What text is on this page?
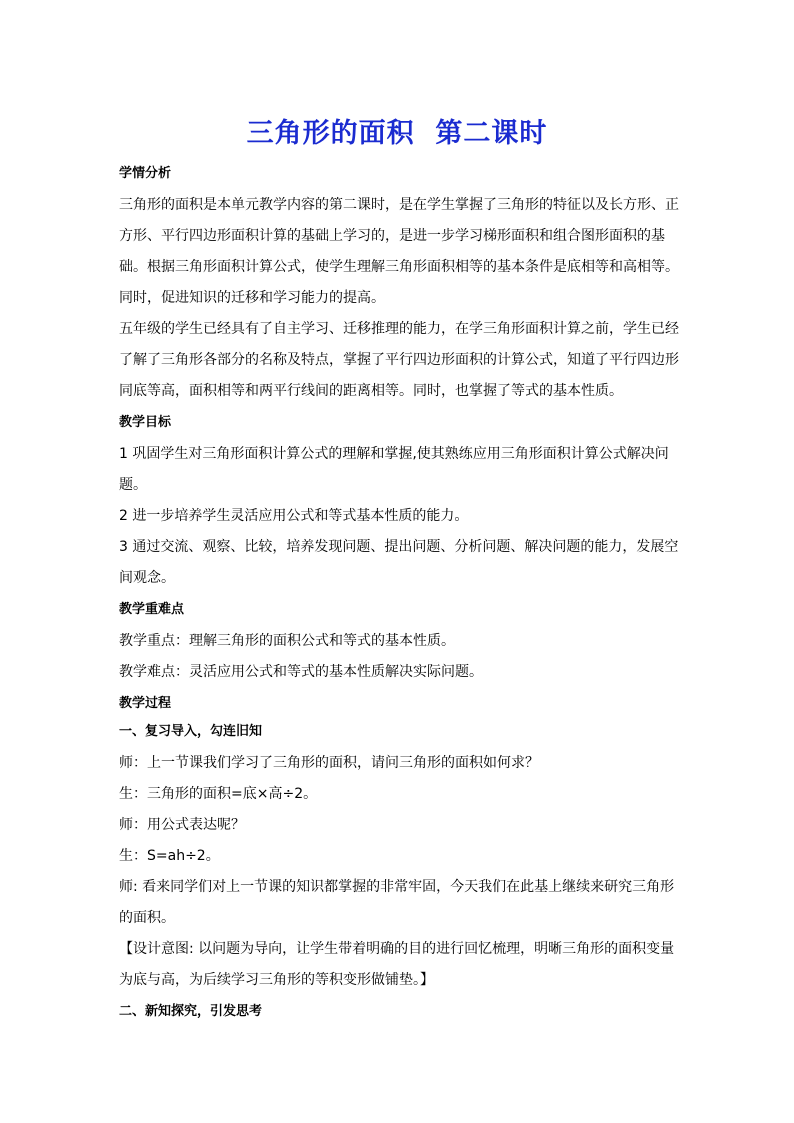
三角形的面积  第二课时
学情分析
三角形的面积是本单元教学内容的第二课时，是在学生掌握了三角形的特征以及长方形、正方形、平行四边形面积计算的基础上学习的，是进一步学习梯形面积和组合图形面积的基础。根据三角形面积计算公式，使学生理解三角形面积相等的基本条件是底相等和高相等。同时，促进知识的迁移和学习能力的提高。
五年级的学生已经具有了自主学习、迁移推理的能力，在学三角形面积计算之前，学生已经了解了三角形各部分的名称及特点，掌握了平行四边形面积的计算公式，知道了平行四边形同底等高，面积相等和两平行线间的距离相等。同时，也掌握了等式的基本性质。
教学目标
1 巩固学生对三角形面积计算公式的理解和掌握,使其熟练应用三角形面积计算公式解决问题。
2 进一步培养学生灵活应用公式和等式基本性质的能力。
3 通过交流、观察、比较，培养发现问题、提出问题、分析问题、解决问题的能力，发展空间观念。
教学重难点
教学重点：理解三角形的面积公式和等式的基本性质。
教学难点：灵活应用公式和等式的基本性质解决实际问题。
教学过程
一、复习导入，勾连旧知
师：上一节课我们学习了三角形的面积，请问三角形的面积如何求？
生：三角形的面积=底×高÷2。
师：用公式表达呢？
生：S=ah÷2。
师: 看来同学们对上一节课的知识都掌握的非常牢固，今天我们在此基上继续来研究三角形的面积。
【设计意图: 以问题为导向，让学生带着明确的目的进行回忆梳理，明晰三角形的面积变量为底与高，为后续学习三角形的等积变形做铺垫。】
二、新知探究，引发思考
